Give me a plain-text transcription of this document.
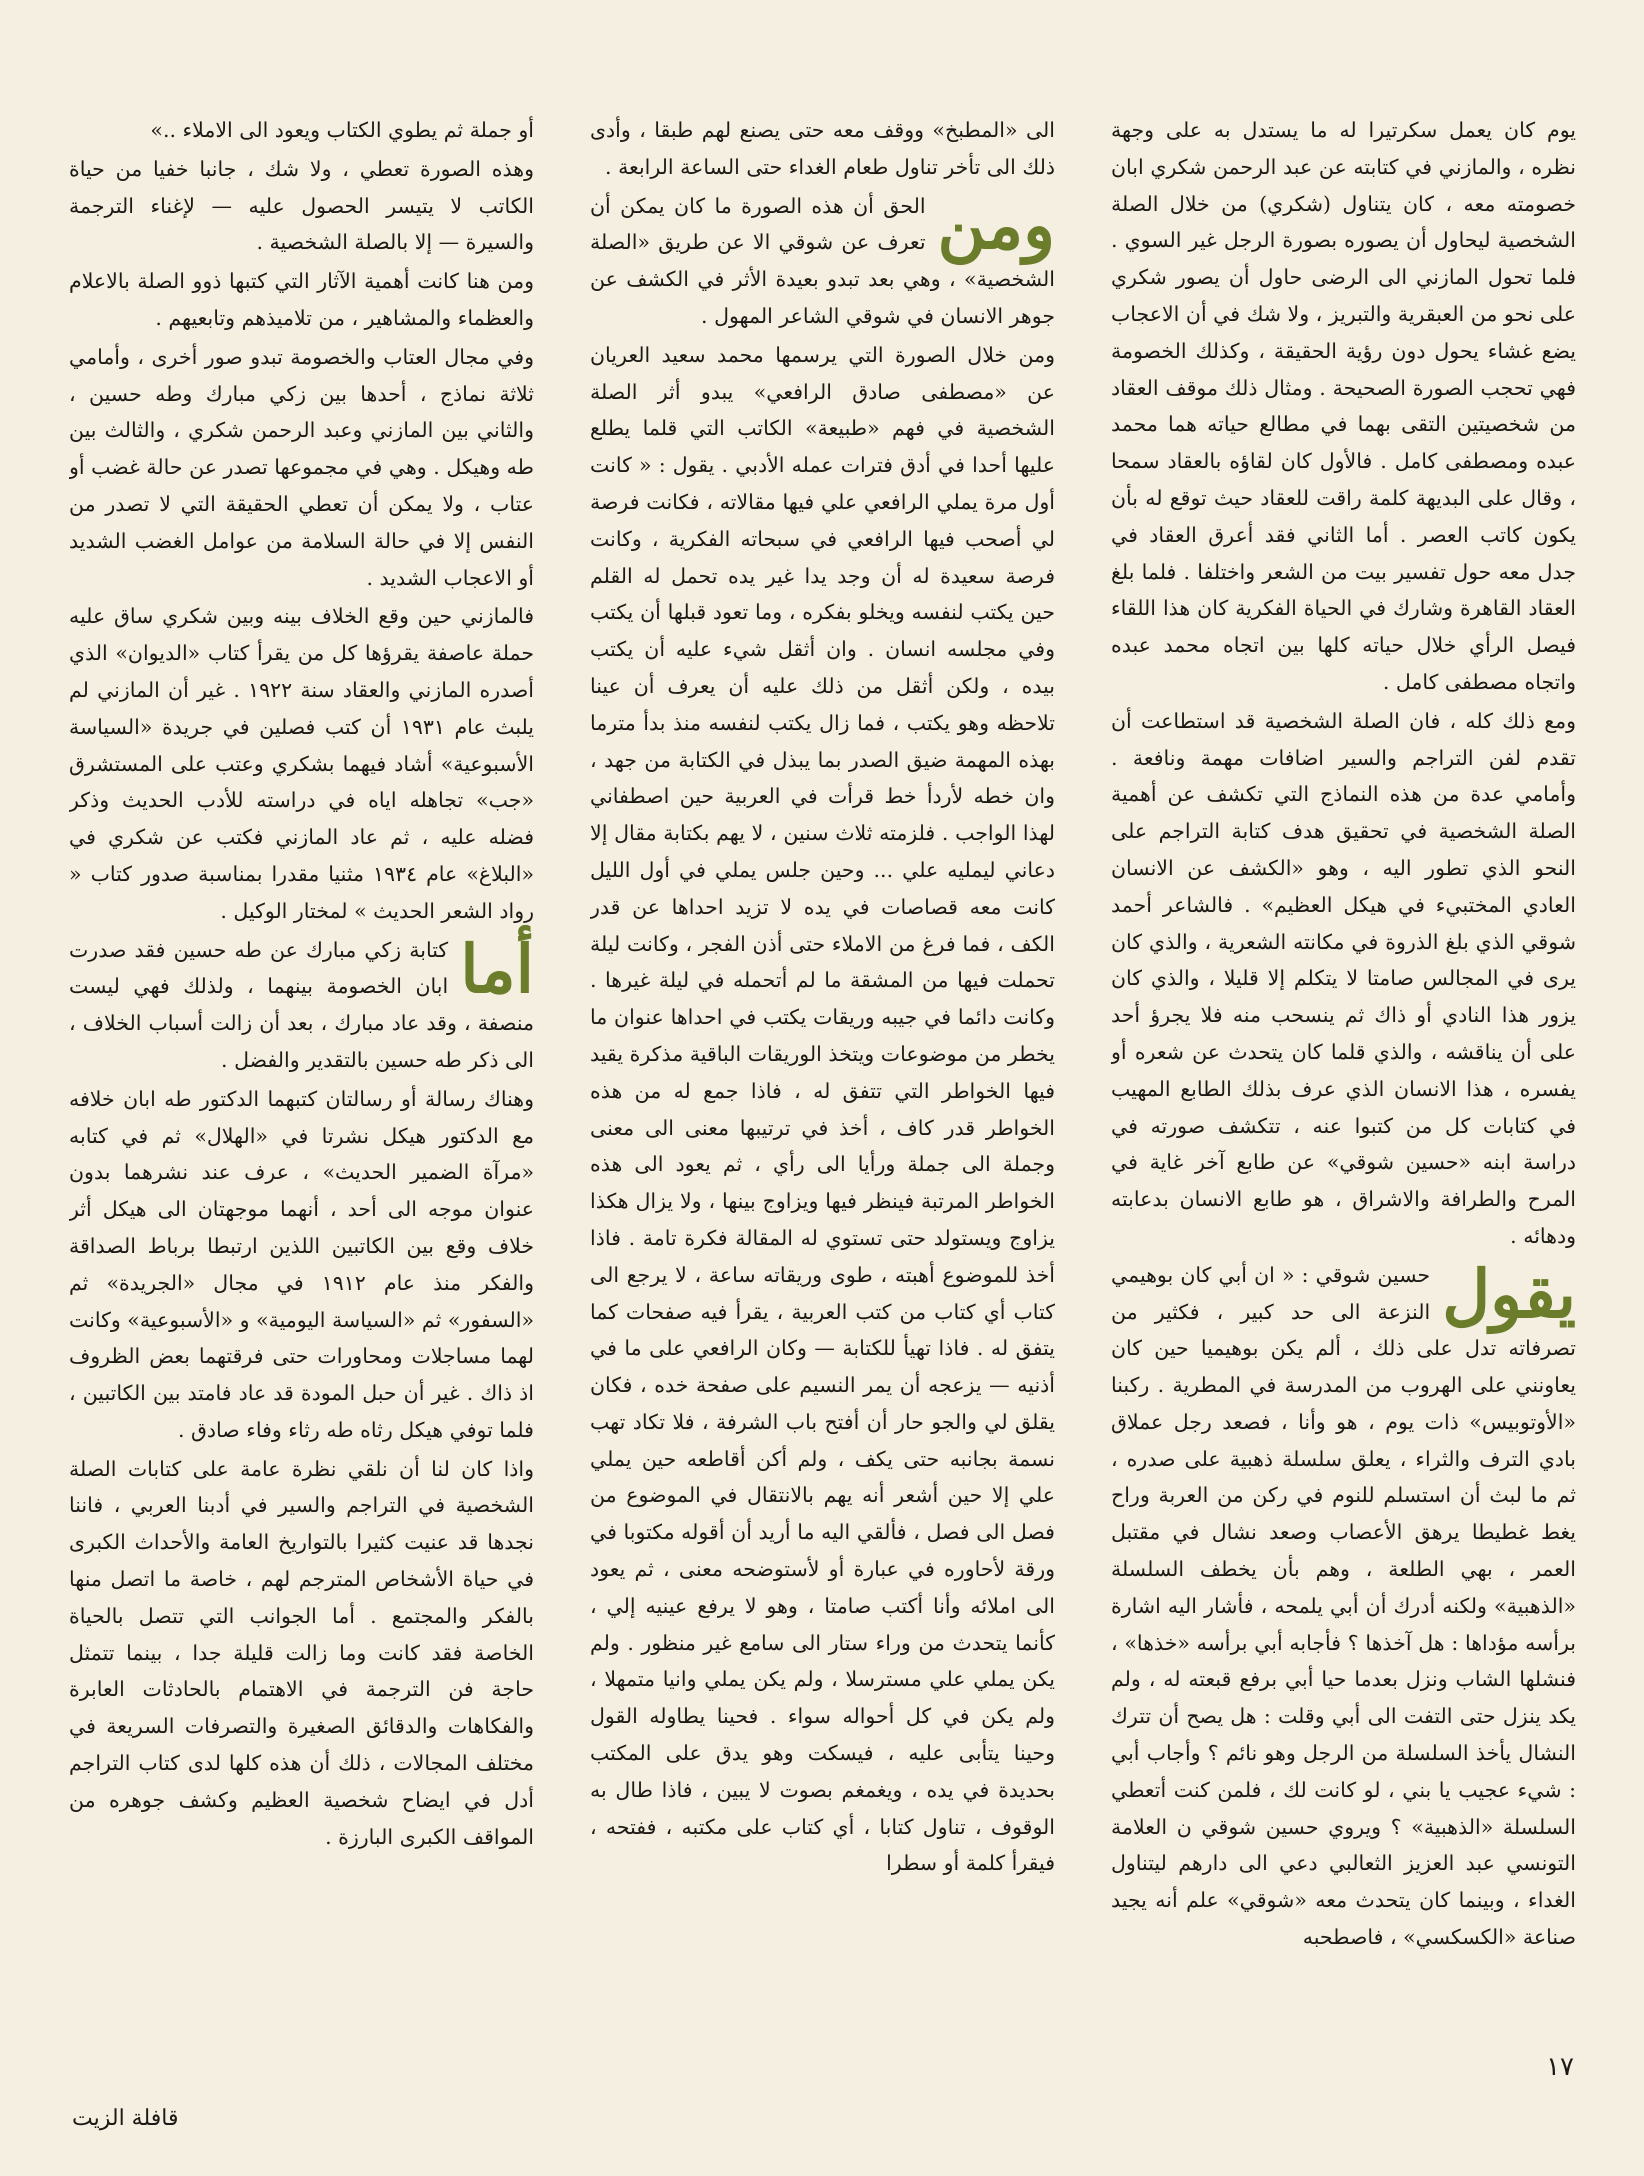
يوم كان يعمل سكرتيرا له ما يستدل به على وجهة نظره ، والمازني في كتابته عن عبد الرحمن شكري ابان خصومته معه ، كان يتناول (شكري) من خلال الصلة الشخصية ليحاول أن يصوره بصورة الرجل غير السوي . فلما تحول المازني الى الرضى حاول أن يصور شكري على نحو من العبقرية والتبريز ، ولا شك في أن الاعجاب يضع غشاء يحول دون رؤية الحقيقة ، وكذلك الخصومة فهي تحجب الصورة الصحيحة . ومثال ذلك موقف العقاد من شخصيتين التقى بهما في مطالع حياته هما محمد عبده ومصطفى كامل . فالأول كان لقاؤه بالعقاد سمحا ، وقال على البديهة كلمة راقت للعقاد حيث توقع له بأن يكون كاتب العصر . أما الثاني فقد أعرق العقاد في جدل معه حول تفسير بيت من الشعر واختلفا . فلما بلغ العقاد القاهرة وشارك في الحياة الفكرية كان هذا اللقاء فيصل الرأي خلال حياته كلها بين اتجاه محمد عبده واتجاه مصطفى كامل .

ومع ذلك كله ، فان الصلة الشخصية قد استطاعت أن تقدم لفن التراجم والسير اضافات مهمة ونافعة . وأمامي عدة من هذه النماذج التي تكشف عن أهمية الصلة الشخصية في تحقيق هدف كتابة التراجم على النحو الذي تطور اليه ، وهو «الكشف عن الانسان العادي المختبيء في هيكل العظيم» . فالشاعر أحمد شوقي الذي بلغ الذروة في مكانته الشعرية ، والذي كان يرى في المجالس صامتا لا يتكلم إلا قليلا ، والذي كان يزور هذا النادي أو ذاك ثم ينسحب منه فلا يجرؤ أحد على أن يناقشه ، والذي قلما كان يتحدث عن شعره أو يفسره ، هذا الانسان الذي عرف بذلك الطابع المهيب في كتابات كل من كتبوا عنه ، تتكشف صورته في دراسة ابنه «حسين شوقي» عن طابع آخر غاية في المرح والطرافة والاشراق ، هو طابع الانسان بدعابته ودهائه .

يقول
حسين شوقي : « ان أبي كان بوهيمي النزعة الى حد كبير ، فكثير من تصرفاته تدل على ذلك ، ألم يكن بوهيميا حين كان يعاونني على الهروب من المدرسة في المطرية . ركبنا «الأوتوبيس» ذات يوم ، هو وأنا ، فصعد رجل عملاق بادي الترف والثراء ، يعلق سلسلة ذهبية على صدره ، ثم ما لبث أن استسلم للنوم في ركن من العربة وراح يغط غطيطا يرهق الأعصاب وصعد نشال في مقتبل العمر ، بهي الطلعة ، وهم بأن يخطف السلسلة «الذهبية» ولكنه أدرك أن أبي يلمحه ، فأشار اليه اشارة برأسه مؤداها : هل آخذها ؟ فأجابه أبي برأسه «خذها» ، فنشلها الشاب ونزل بعدما حيا أبي برفع قبعته له ، ولم يكد ينزل حتى التفت الى أبي وقلت : هل يصح أن تترك النشال يأخذ السلسلة من الرجل وهو نائم ؟ وأجاب أبي : شيء عجيب يا بني ، لو كانت لك ، فلمن كنت أتعطي السلسلة «الذهبية» ؟ ويروي حسين شوقي ن العلامة التونسي عبد العزيز الثعالبي دعي الى دارهم ليتناول الغداء ، وبينما كان يتحدث معه «شوقي» علم أنه يجيد صناعة «الكسكسي» ، فاصطحبه

الى «المطبخ» ووقف معه حتى يصنع لهم طبقا ، وأدى ذلك الى تأخر تناول طعام الغداء حتى الساعة الرابعة .

ومن
الحق أن هذه الصورة ما كان يمكن أن تعرف عن شوقي الا عن طريق «الصلة الشخصية» ، وهي بعد تبدو بعيدة الأثر في الكشف عن جوهر الانسان في شوقي الشاعر المهول .

ومن خلال الصورة التي يرسمها محمد سعيد العريان عن «مصطفى صادق الرافعي» يبدو أثر الصلة الشخصية في فهم «طبيعة» الكاتب التي قلما يطلع عليها أحدا في أدق فترات عمله الأدبي . يقول : « كانت أول مرة يملي الرافعي علي فيها مقالاته ، فكانت فرصة لي أصحب فيها الرافعي في سبحاته الفكرية ، وكانت فرصة سعيدة له أن وجد يدا غير يده تحمل له القلم حين يكتب لنفسه ويخلو بفكره ، وما تعود قبلها أن يكتب وفي مجلسه انسان . وان أثقل شيء عليه أن يكتب بيده ، ولكن أثقل من ذلك عليه أن يعرف أن عينا تلاحظه وهو يكتب ، فما زال يكتب لنفسه منذ بدأ مترما بهذه المهمة ضيق الصدر بما يبذل في الكتابة من جهد ، وان خطه لأردأ خط قرأت في العربية حين اصطفاني لهذا الواجب . فلزمته ثلاث سنين ، لا يهم بكتابة مقال إلا دعاني ليمليه علي ... وحين جلس يملي في أول الليل كانت معه قصاصات في يده لا تزيد احداها عن قدر الكف ، فما فرغ من الاملاء حتى أذن الفجر ، وكانت ليلة تحملت فيها من المشقة ما لم أتحمله في ليلة غيرها . وكانت دائما في جيبه وريقات يكتب في احداها عنوان ما يخطر من موضوعات ويتخذ الوريقات الباقية مذكرة يقيد فيها الخواطر التي تتفق له ، فاذا جمع له من هذه الخواطر قدر كاف ، أخذ في ترتيبها معنى الى معنى وجملة الى جملة ورأيا الى رأي ، ثم يعود الى هذه الخواطر المرتبة فينظر فيها ويزاوج بينها ، ولا يزال هكذا يزاوج ويستولد حتى تستوي له المقالة فكرة تامة . فاذا أخذ للموضوع أهبته ، طوى وريقاته ساعة ، لا يرجع الى كتاب أي كتاب من كتب العربية ، يقرأ فيه صفحات كما يتفق له . فاذا تهيأ للكتابة — وكان الرافعي على ما في أذنيه — يزعجه أن يمر النسيم على صفحة خده ، فكان يقلق لي والجو حار أن أفتح باب الشرفة ، فلا تكاد تهب نسمة بجانبه حتى يكف ، ولم أكن أقاطعه حين يملي علي إلا حين أشعر أنه يهم بالانتقال في الموضوع من فصل الى فصل ، فألقي اليه ما أريد أن أقوله مكتوبا في ورقة لأحاوره في عبارة أو لأستوضحه معنى ، ثم يعود الى املائه وأنا أكتب صامتا ، وهو لا يرفع عينيه إلي ، كأنما يتحدث من وراء ستار الى سامع غير منظور . ولم يكن يملي علي مسترسلا ، ولم يكن يملي وانيا متمهلا ، ولم يكن في كل أحواله سواء . فحينا يطاوله القول وحينا يتأبى عليه ، فيسكت وهو يدق على المكتب بحديدة في يده ، ويغمغم بصوت لا يبين ، فاذا طال به الوقوف ، تناول كتابا ، أي كتاب على مكتبه ، ففتحه ، فيقرأ كلمة أو سطرا

أو جملة ثم يطوي الكتاب ويعود الى الاملاء ..»

وهذه الصورة تعطي ، ولا شك ، جانبا خفيا من حياة الكاتب لا يتيسر الحصول عليه — لإغناء الترجمة والسيرة — إلا بالصلة الشخصية .

ومن هنا كانت أهمية الآثار التي كتبها ذوو الصلة بالاعلام والعظماء والمشاهير ، من تلاميذهم وتابعيهم .

وفي مجال العتاب والخصومة تبدو صور أخرى ، وأمامي ثلاثة نماذج ، أحدها بين زكي مبارك وطه حسين ، والثاني بين المازني وعبد الرحمن شكري ، والثالث بين طه وهيكل . وهي في مجموعها تصدر عن حالة غضب أو عتاب ، ولا يمكن أن تعطي الحقيقة التي لا تصدر من النفس إلا في حالة السلامة من عوامل الغضب الشديد أو الاعجاب الشديد .

فالمازني حين وقع الخلاف بينه وبين شكري ساق عليه حملة عاصفة يقرؤها كل من يقرأ كتاب «الديوان» الذي أصدره المازني والعقاد سنة ١٩٢٢ . غير أن المازني لم يلبث عام ١٩٣١ أن كتب فصلين في جريدة «السياسة الأسبوعية» أشاد فيهما بشكري وعتب على المستشرق «جب» تجاهله اياه في دراسته للأدب الحديث وذكر فضله عليه ، ثم عاد المازني فكتب عن شكري في «البلاغ» عام ١٩٣٤ مثنيا مقدرا بمناسبة صدور كتاب « رواد الشعر الحديث » لمختار الوكيل .

أما
كتابة زكي مبارك عن طه حسين فقد صدرت ابان الخصومة بينهما ، ولذلك فهي ليست منصفة ، وقد عاد مبارك ، بعد أن زالت أسباب الخلاف ، الى ذكر طه حسين بالتقدير والفضل .

وهناك رسالة أو رسالتان كتبهما الدكتور طه ابان خلافه مع الدكتور هيكل نشرتا في «الهلال» ثم في كتابه «مرآة الضمير الحديث» ، عرف عند نشرهما بدون عنوان موجه الى أحد ، أنهما موجهتان الى هيكل أثر خلاف وقع بين الكاتبين اللذين ارتبطا برباط الصداقة والفكر منذ عام ١٩١٢ في مجال «الجريدة» ثم «السفور» ثم «السياسة اليومية» و «الأسبوعية» وكانت لهما مساجلات ومحاورات حتى فرقتهما بعض الظروف اذ ذاك . غير أن حبل المودة قد عاد فامتد بين الكاتبين ، فلما توفي هيكل رثاه طه رثاء وفاء صادق .

واذا كان لنا أن نلقي نظرة عامة على كتابات الصلة الشخصية في التراجم والسير في أدبنا العربي ، فاننا نجدها قد عنيت كثيرا بالتواريخ العامة والأحداث الكبرى في حياة الأشخاص المترجم لهم ، خاصة ما اتصل منها بالفكر والمجتمع . أما الجوانب التي تتصل بالحياة الخاصة فقد كانت وما زالت قليلة جدا ، بينما تتمثل حاجة فن الترجمة في الاهتمام بالحادثات العابرة والفكاهات والدقائق الصغيرة والتصرفات السريعة في مختلف المجالات ، ذلك أن هذه كلها لدى كتاب التراجم أدل في ايضاح شخصية العظيم وكشف جوهره من المواقف الكبرى البارزة .

١٧
قافلة الزيت
